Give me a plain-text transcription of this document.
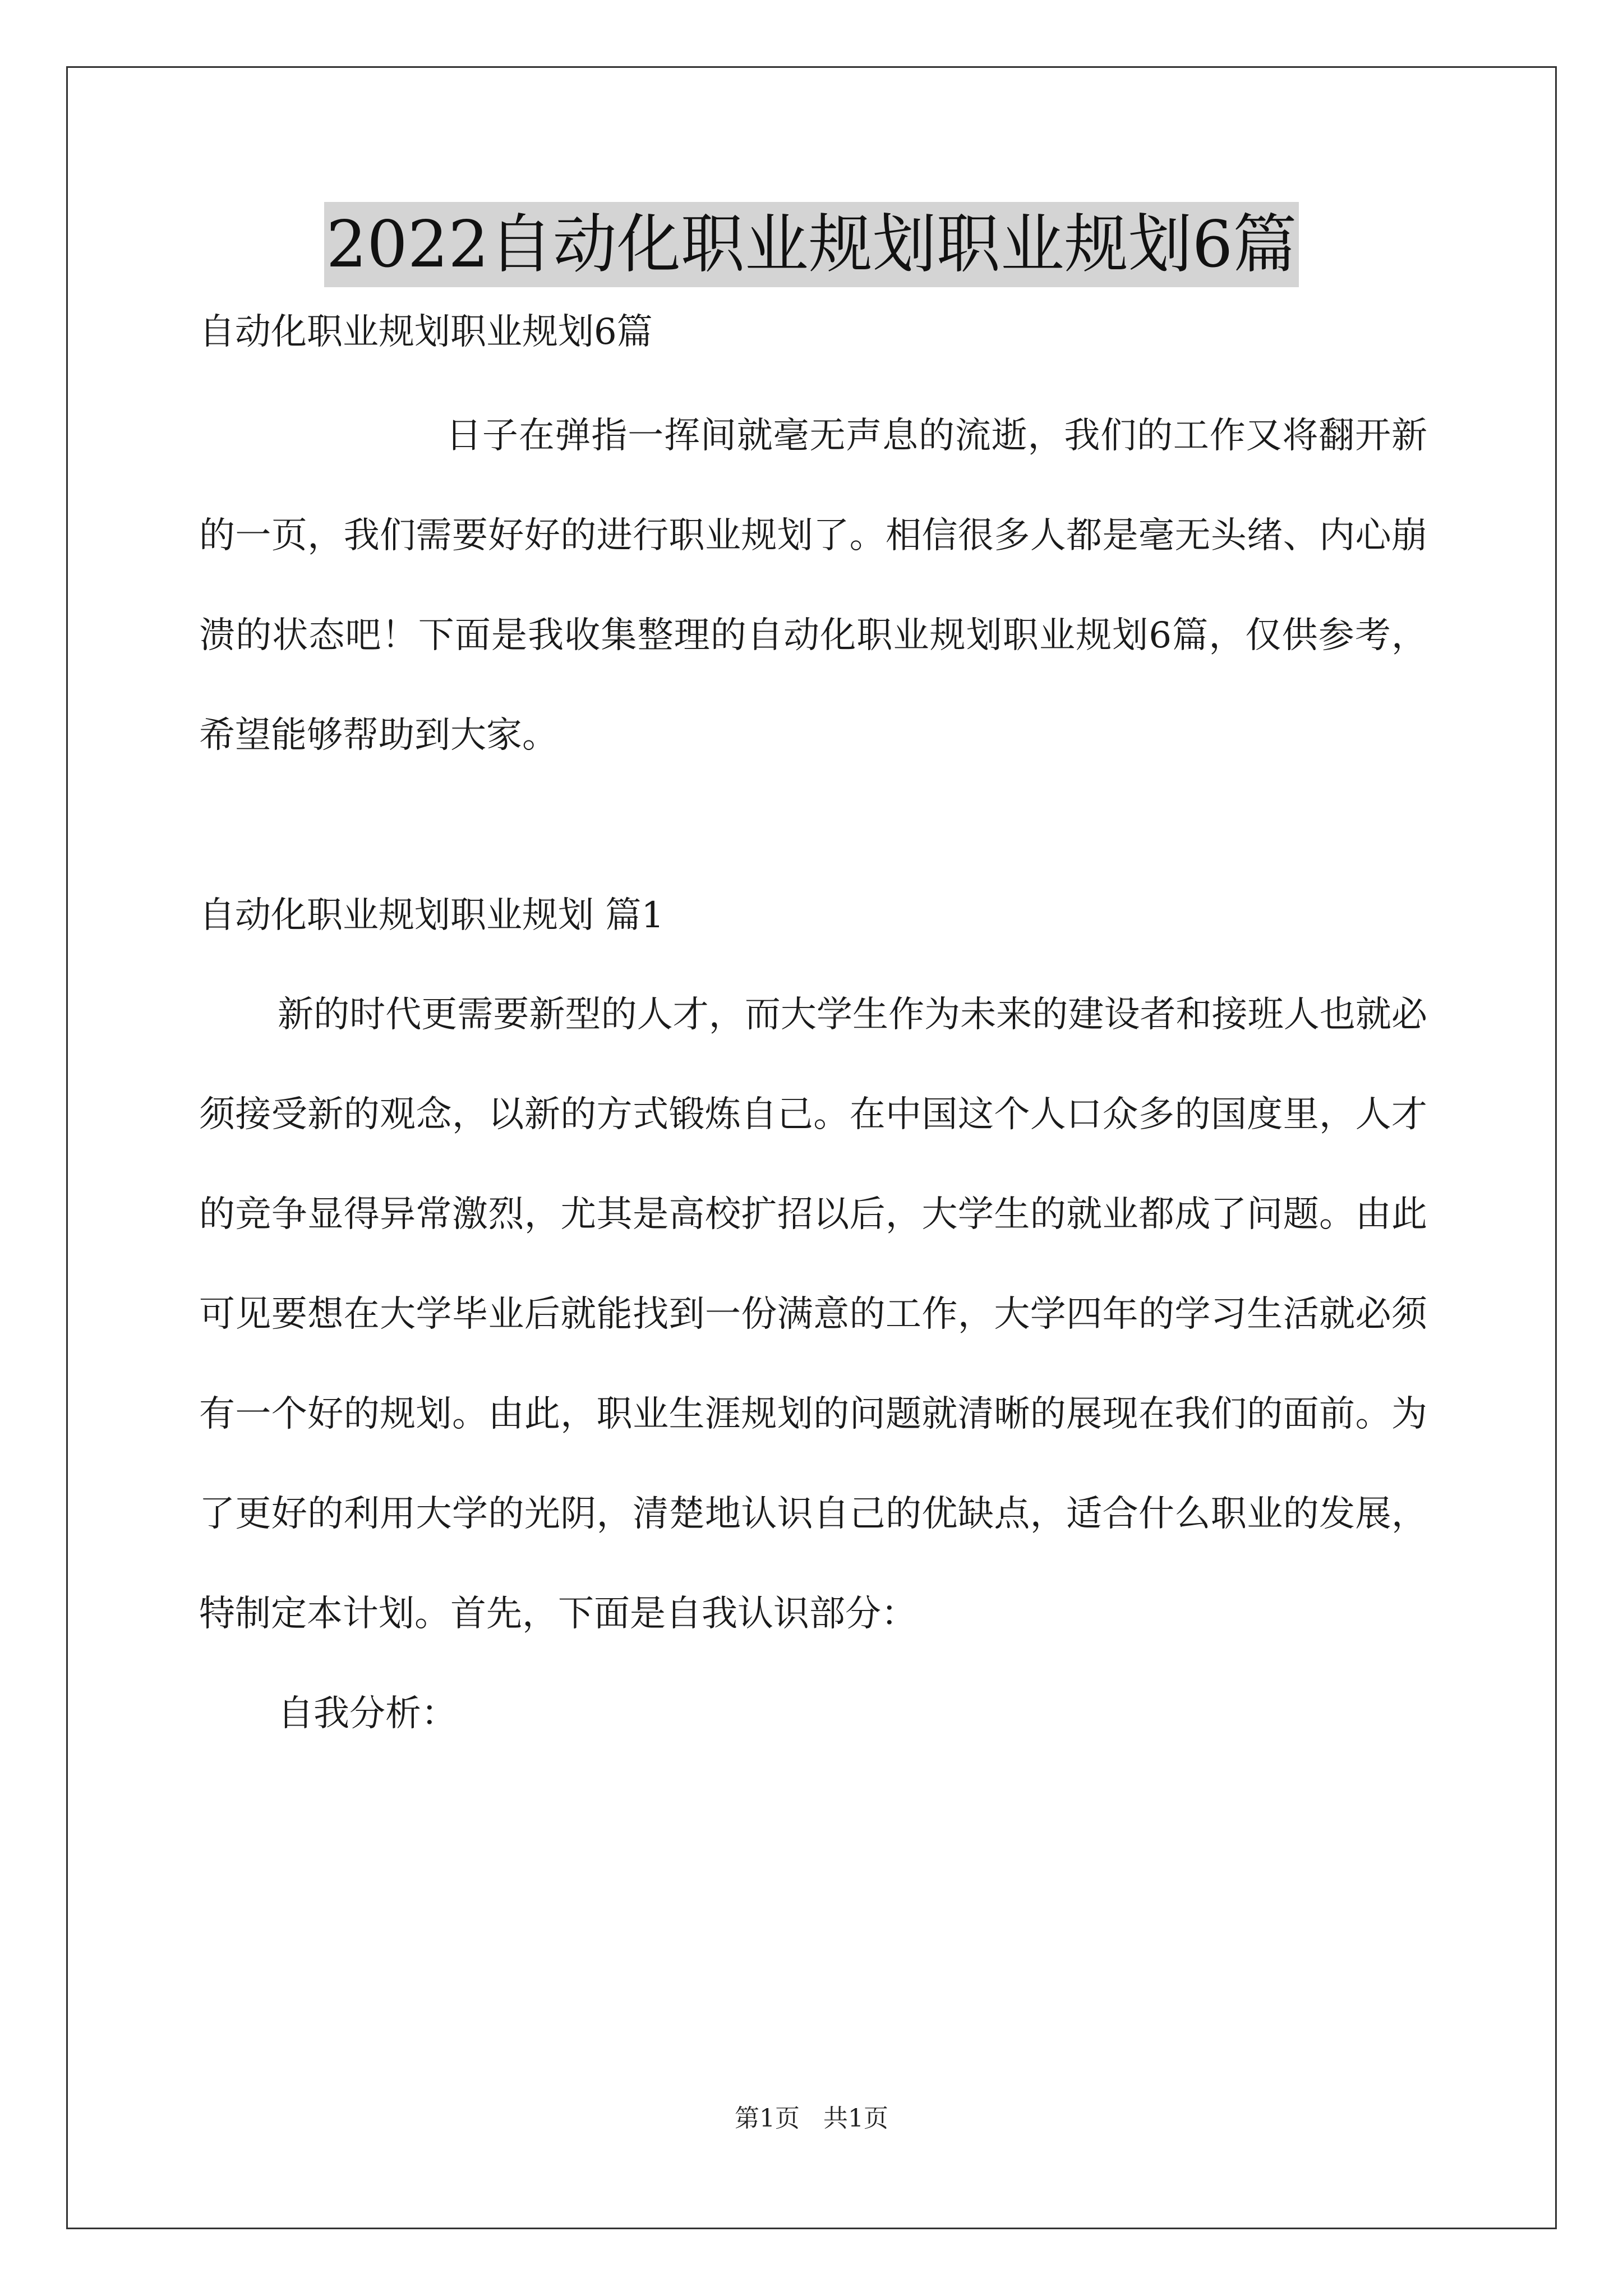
2022自动化职业规划职业规划6篇

自动化职业规划职业规划6篇

日子在弹指一挥间就毫无声息的流逝，我们的工作又将翻开新的一页，我们需要好好的进行职业规划了。相信很多人都是毫无头绪、内心崩溃的状态吧！下面是我收集整理的自动化职业规划职业规划6篇，仅供参考，希望能够帮助到大家。

自动化职业规划职业规划 篇1

新的时代更需要新型的人才，而大学生作为未来的建设者和接班人也就必须接受新的观念，以新的方式锻炼自己。在中国这个人口众多的国度里，人才的竞争显得异常激烈，尤其是高校扩招以后，大学生的就业都成了问题。由此可见要想在大学毕业后就能找到一份满意的工作，大学四年的学习生活就必须有一个好的规划。由此，职业生涯规划的问题就清晰的展现在我们的面前。为了更好的利用大学的光阴，清楚地认识自己的优缺点，适合什么职业的发展，特制定本计划。首先，下面是自我认识部分：

自我分析：

第1页   共1页
